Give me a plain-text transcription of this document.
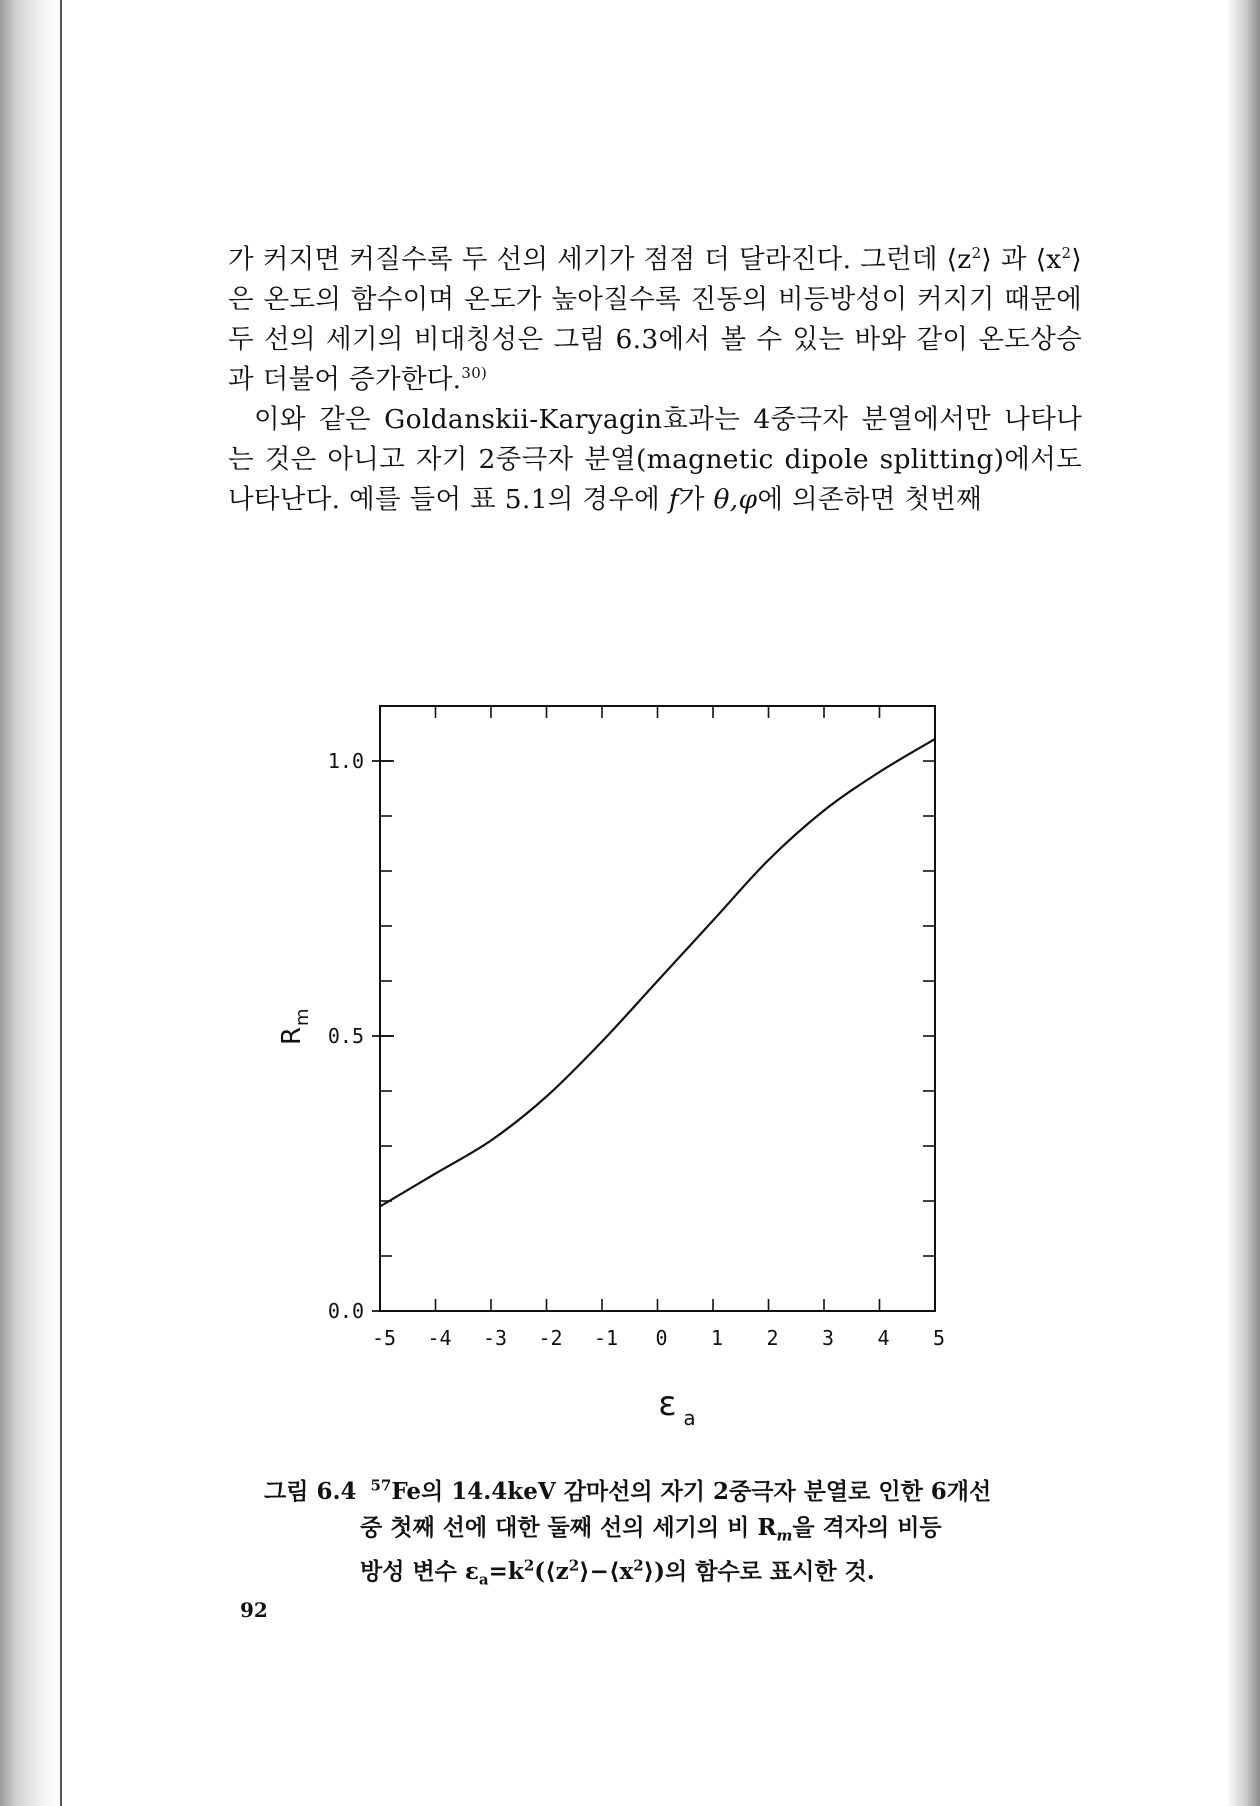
가 커지면 커질수록 두 선의 세기가 점점 더 달라진다. 그런데 $⟨z^2⟩$ 과 $⟨x^2⟩$은 온도의 함수이며 온도가 높아질수록 진동의 비등방성이 커지기 때문에 두 선의 세기의 비대칭성은 그림 6.3에서 볼 수 있는 바와 같이 온도상승과 더불어 증가한다.$^{30)}$

이와 같은 Goldanskii-Karyagin효과는 4중극자 분열에서만 나타나는 것은 아니고 자기 2중극자 분열(magnetic dipole splitting)에서도 나타난다. 예를 들어 표 5.1의 경우에 f가 θ,φ에 의존하면 첫번째

-5 -4 -3 -2 -1 0 1 2 3 4 5
0.0
0.5
1.0
ε a
R
m
그림 6.4 $^{57}$Fe의 14.4keV 감마선의 자기 2중극자 분열로 인한 6개선
중 첫째 선에 대한 둘째 선의 세기의 비 $R_m$을 격자의 비등
방성 변수 $\varepsilon_a=k^2(⟨z^2⟩-⟨x^2⟩)$의 함수로 표시한 것.
92
